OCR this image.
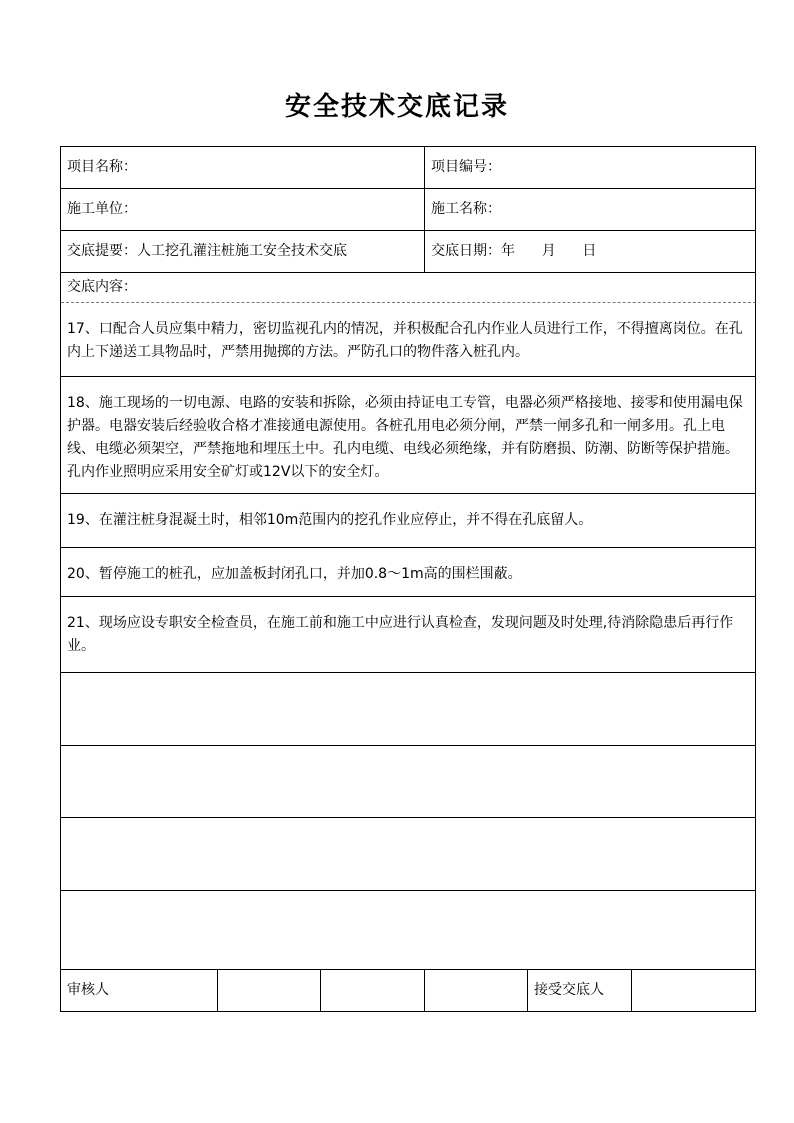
安全技术交底记录
项目名称：	项目编号：
施工单位：	施工名称：
交底提要：人工挖孔灌注桩施工安全技术交底	交底日期：年      月      日
交底内容：
17、口配合人员应集中精力，密切监视孔内的情况，并积极配合孔内作业人员进行工作，不得擅离岗位。在孔内上下递送工具物品时，严禁用抛掷的方法。严防孔口的物件落入桩孔内。
18、施工现场的一切电源、电路的安装和拆除，必须由持证电工专管，电器必须严格接地、接零和使用漏电保护器。电器安装后经验收合格才准接通电源使用。各桩孔用电必须分闸，严禁一闸多孔和一闸多用。孔上电线、电缆必须架空，严禁拖地和埋压土中。孔内电缆、电线必须绝缘，并有防磨损、防潮、防断等保护措施。孔内作业照明应采用安全矿灯或12V以下的安全灯。
19、在灌注桩身混凝土时，相邻10m范围内的挖孔作业应停止，并不得在孔底留人。
20、暂停施工的桩孔，应加盖板封闭孔口，并加0.8～1m高的围栏围蔽。
21、现场应设专职安全检查员，在施工前和施工中应进行认真检查，发现问题及时处理,待消除隐患后再行作业。
审核人	接受交底人
